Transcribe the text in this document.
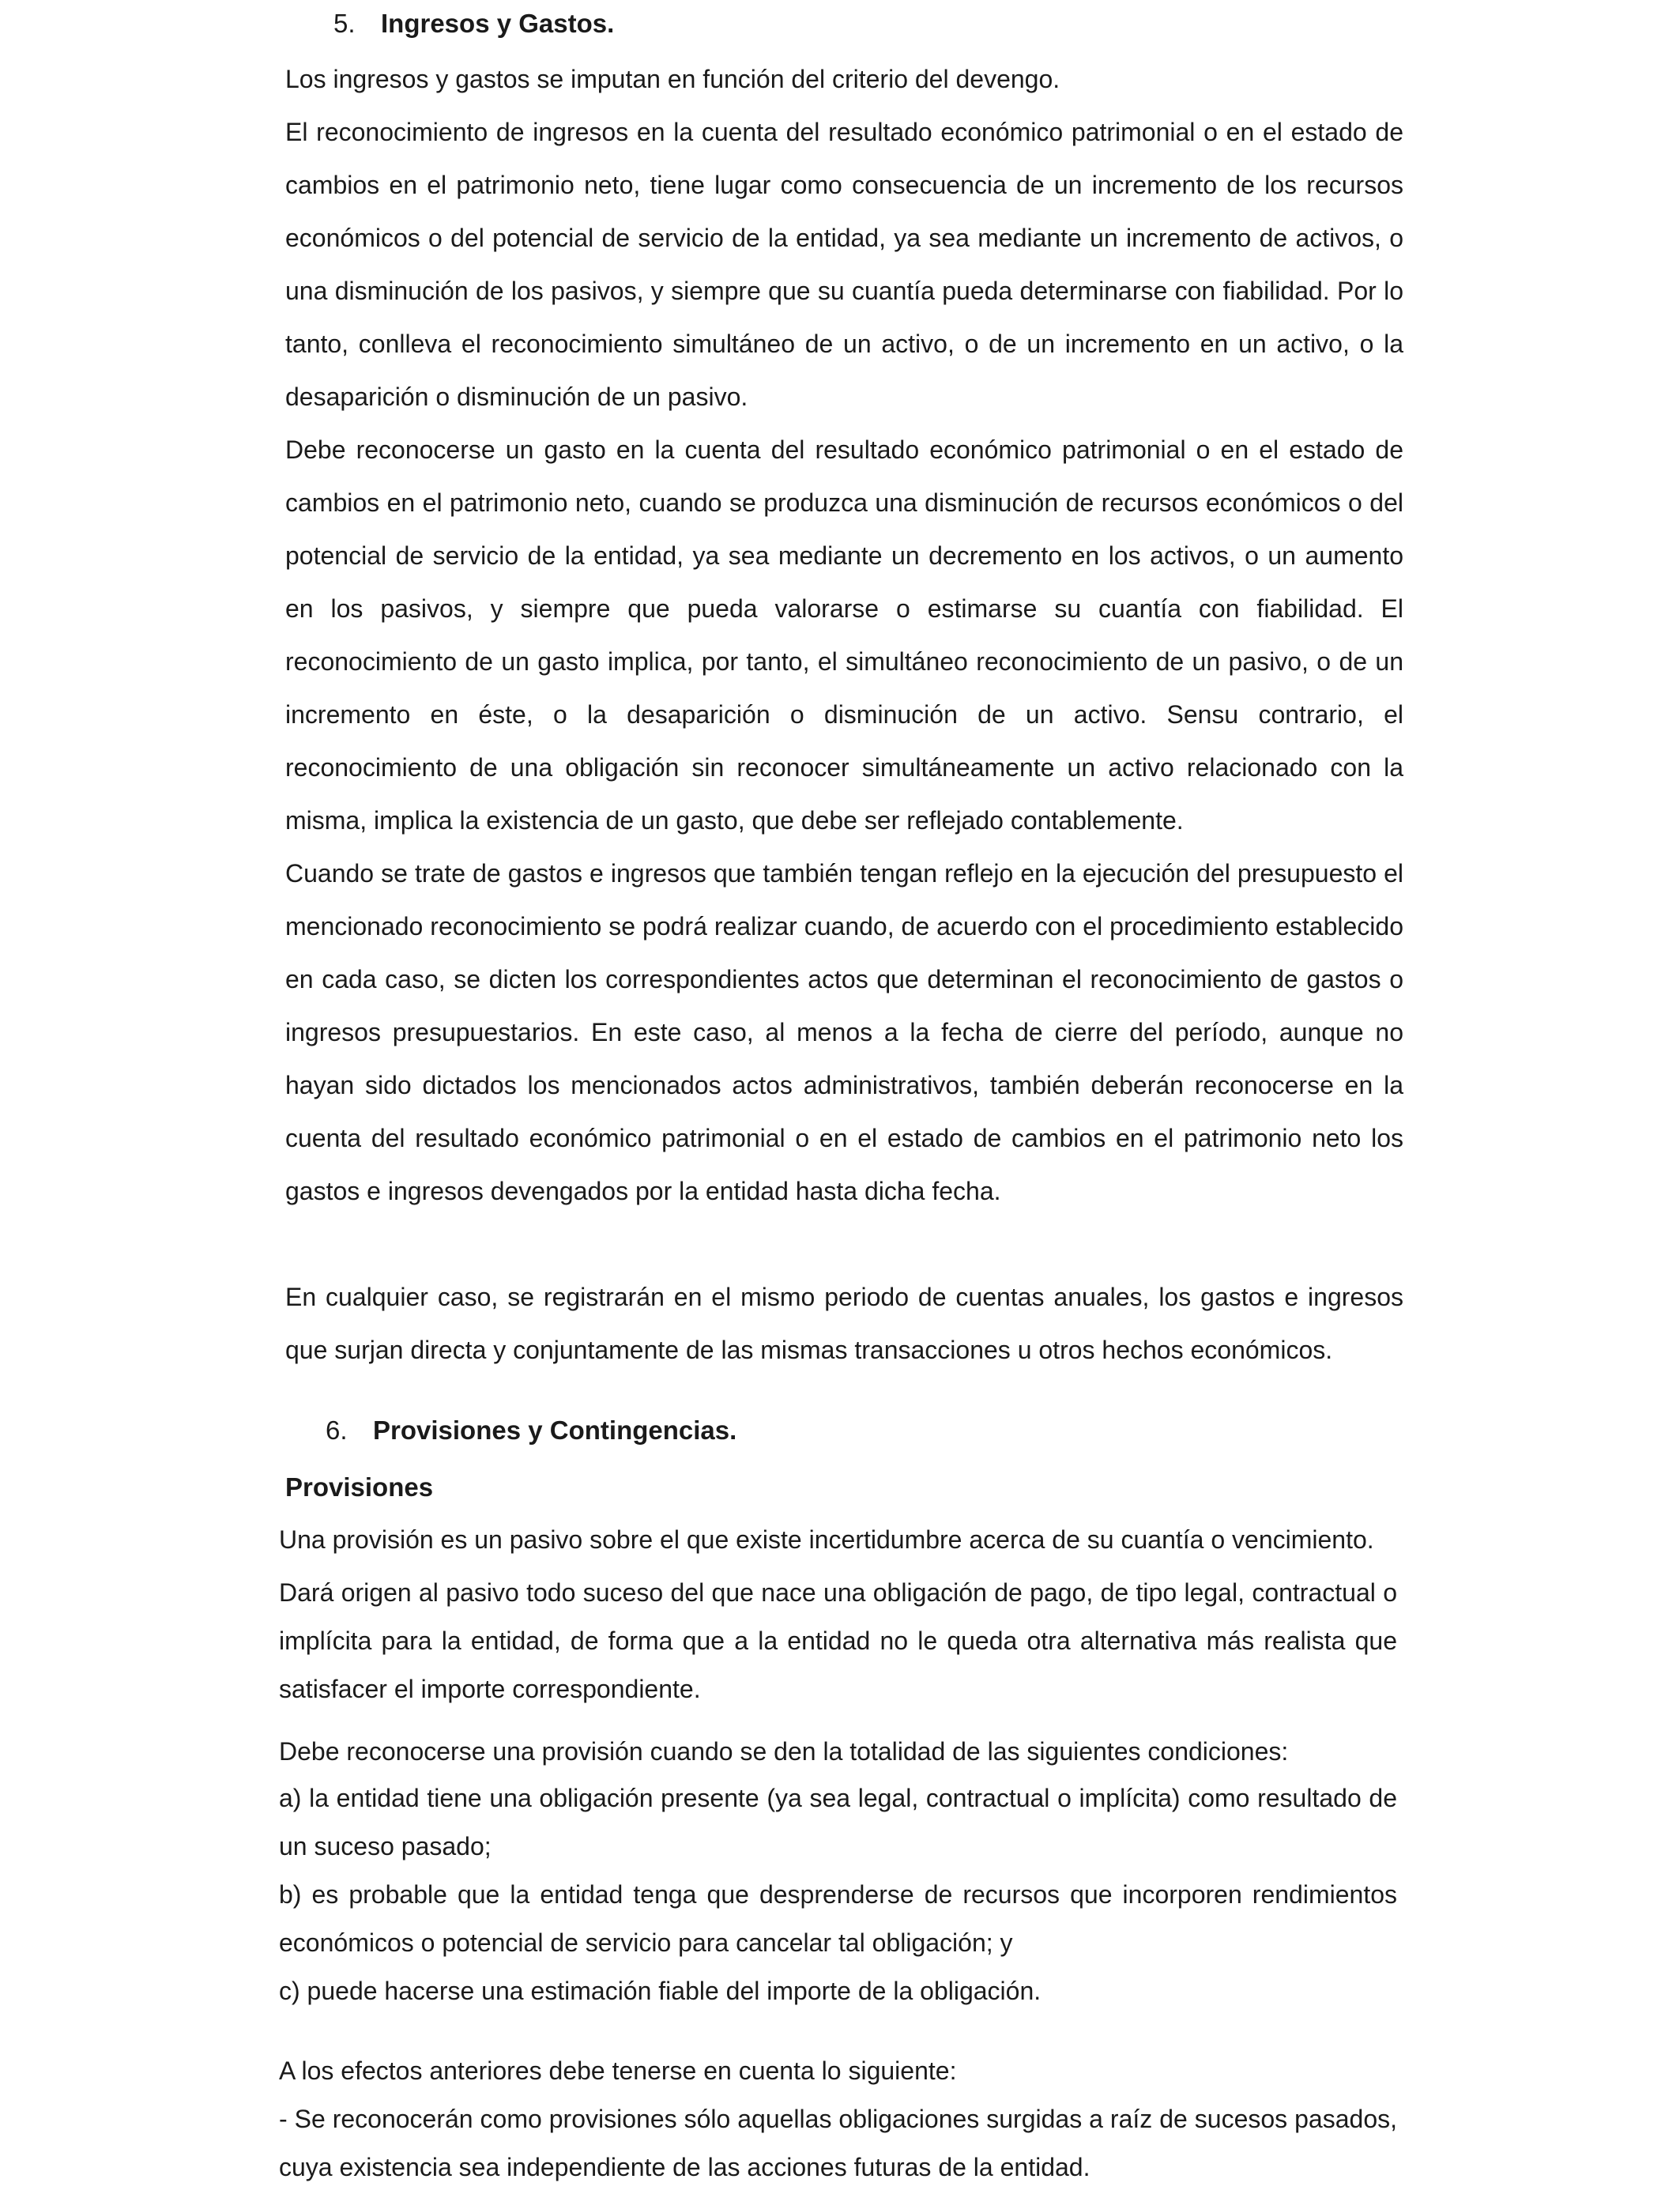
5. Ingresos y Gastos.

Los ingresos y gastos se imputan en función del criterio del devengo.

El reconocimiento de ingresos en la cuenta del resultado económico patrimonial o en el estado de cambios en el patrimonio neto, tiene lugar como consecuencia de un incremento de los recursos económicos o del potencial de servicio de la entidad, ya sea mediante un incremento de activos, o una disminución de los pasivos, y siempre que su cuantía pueda determinarse con fiabilidad. Por lo tanto, conlleva el reconocimiento simultáneo de un activo, o de un incremento en un activo, o la desaparición o disminución de un pasivo.

Debe reconocerse un gasto en la cuenta del resultado económico patrimonial o en el estado de cambios en el patrimonio neto, cuando se produzca una disminución de recursos económicos o del potencial de servicio de la entidad, ya sea mediante un decremento en los activos, o un aumento en los pasivos, y siempre que pueda valorarse o estimarse su cuantía con fiabilidad. El reconocimiento de un gasto implica, por tanto, el simultáneo reconocimiento de un pasivo, o de un incremento en éste, o la desaparición o disminución de un activo. Sensu contrario, el reconocimiento de una obligación sin reconocer simultáneamente un activo relacionado con la misma, implica la existencia de un gasto, que debe ser reflejado contablemente.

Cuando se trate de gastos e ingresos que también tengan reflejo en la ejecución del presupuesto el mencionado reconocimiento se podrá realizar cuando, de acuerdo con el procedimiento establecido en cada caso, se dicten los correspondientes actos que determinan el reconocimiento de gastos o ingresos presupuestarios. En este caso, al menos a la fecha de cierre del período, aunque no hayan sido dictados los mencionados actos administrativos, también deberán reconocerse en la cuenta del resultado económico patrimonial o en el estado de cambios en el patrimonio neto los gastos e ingresos devengados por la entidad hasta dicha fecha.

En cualquier caso, se registrarán en el mismo periodo de cuentas anuales, los gastos e ingresos que surjan directa y conjuntamente de las mismas transacciones u otros hechos económicos.

6. Provisiones y Contingencias.
Provisiones

Una provisión es un pasivo sobre el que existe incertidumbre acerca de su cuantía o vencimiento.

Dará origen al pasivo todo suceso del que nace una obligación de pago, de tipo legal, contractual o implícita para la entidad, de forma que a la entidad no le queda otra alternativa más realista que satisfacer el importe correspondiente.

Debe reconocerse una provisión cuando se den la totalidad de las siguientes condiciones:

a) la entidad tiene una obligación presente (ya sea legal, contractual o implícita) como resultado de un suceso pasado;

b) es probable que la entidad tenga que desprenderse de recursos que incorporen rendimientos económicos o potencial de servicio para cancelar tal obligación; y

c) puede hacerse una estimación fiable del importe de la obligación.

A los efectos anteriores debe tenerse en cuenta lo siguiente:

- Se reconocerán como provisiones sólo aquellas obligaciones surgidas a raíz de sucesos pasados, cuya existencia sea independiente de las acciones futuras de la entidad.
